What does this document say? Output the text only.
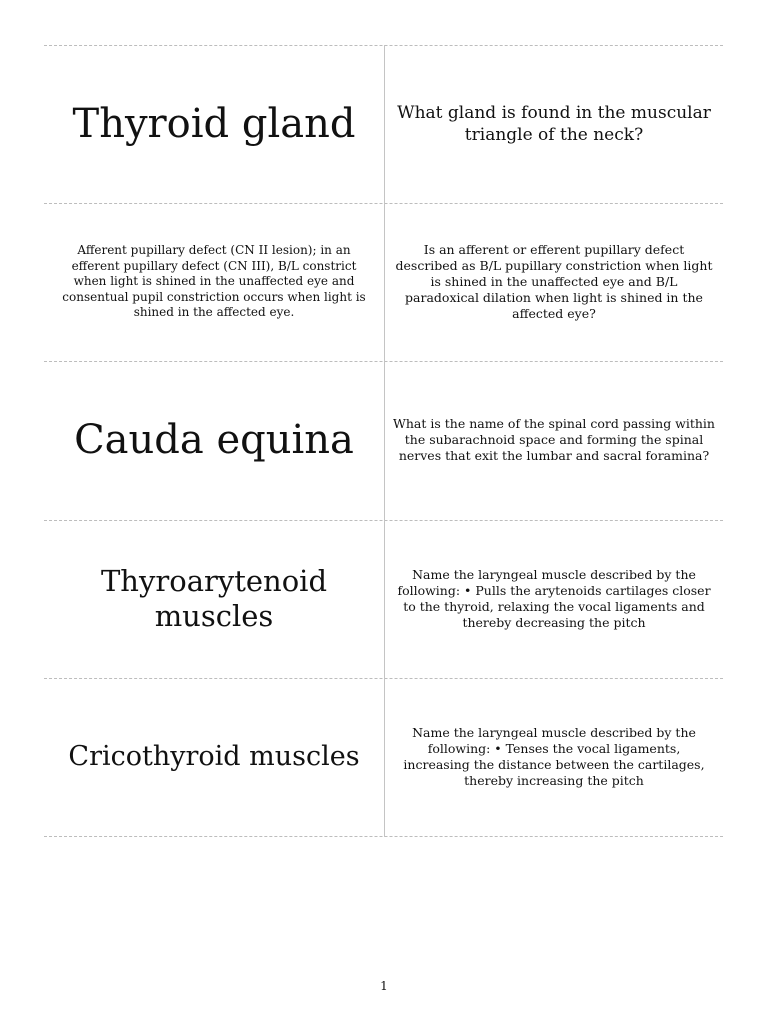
Thyroid gland What gland is found in the muscular triangle of the neck?
Afferent pupillary defect (CN II lesion); in an efferent pupillary defect (CN III), B/L constrict when light is shined in the unaffected eye and consentual pupil constriction occurs when light is shined in the affected eye.
Is an afferent or efferent pupillary defect described as B/L pupillary constriction when light is shined in the unaffected eye and B/L paradoxical dilation when light is shined in the affected eye?
Cauda equina	What is the name of the spinal cord passing within the subarachnoid space and forming the spinal nerves that exit the lumbar and sacral foramina?
Thyroarytenoid muscles
Name the laryngeal muscle described by the following: • Pulls the arytenoids cartilages closer to the thyroid, relaxing the vocal ligaments and thereby decreasing the pitch
Cricothyroid muscles
Name the laryngeal muscle described by the following: • Tenses the vocal ligaments, increasing the distance between the cartilages, thereby increasing the pitch
1
